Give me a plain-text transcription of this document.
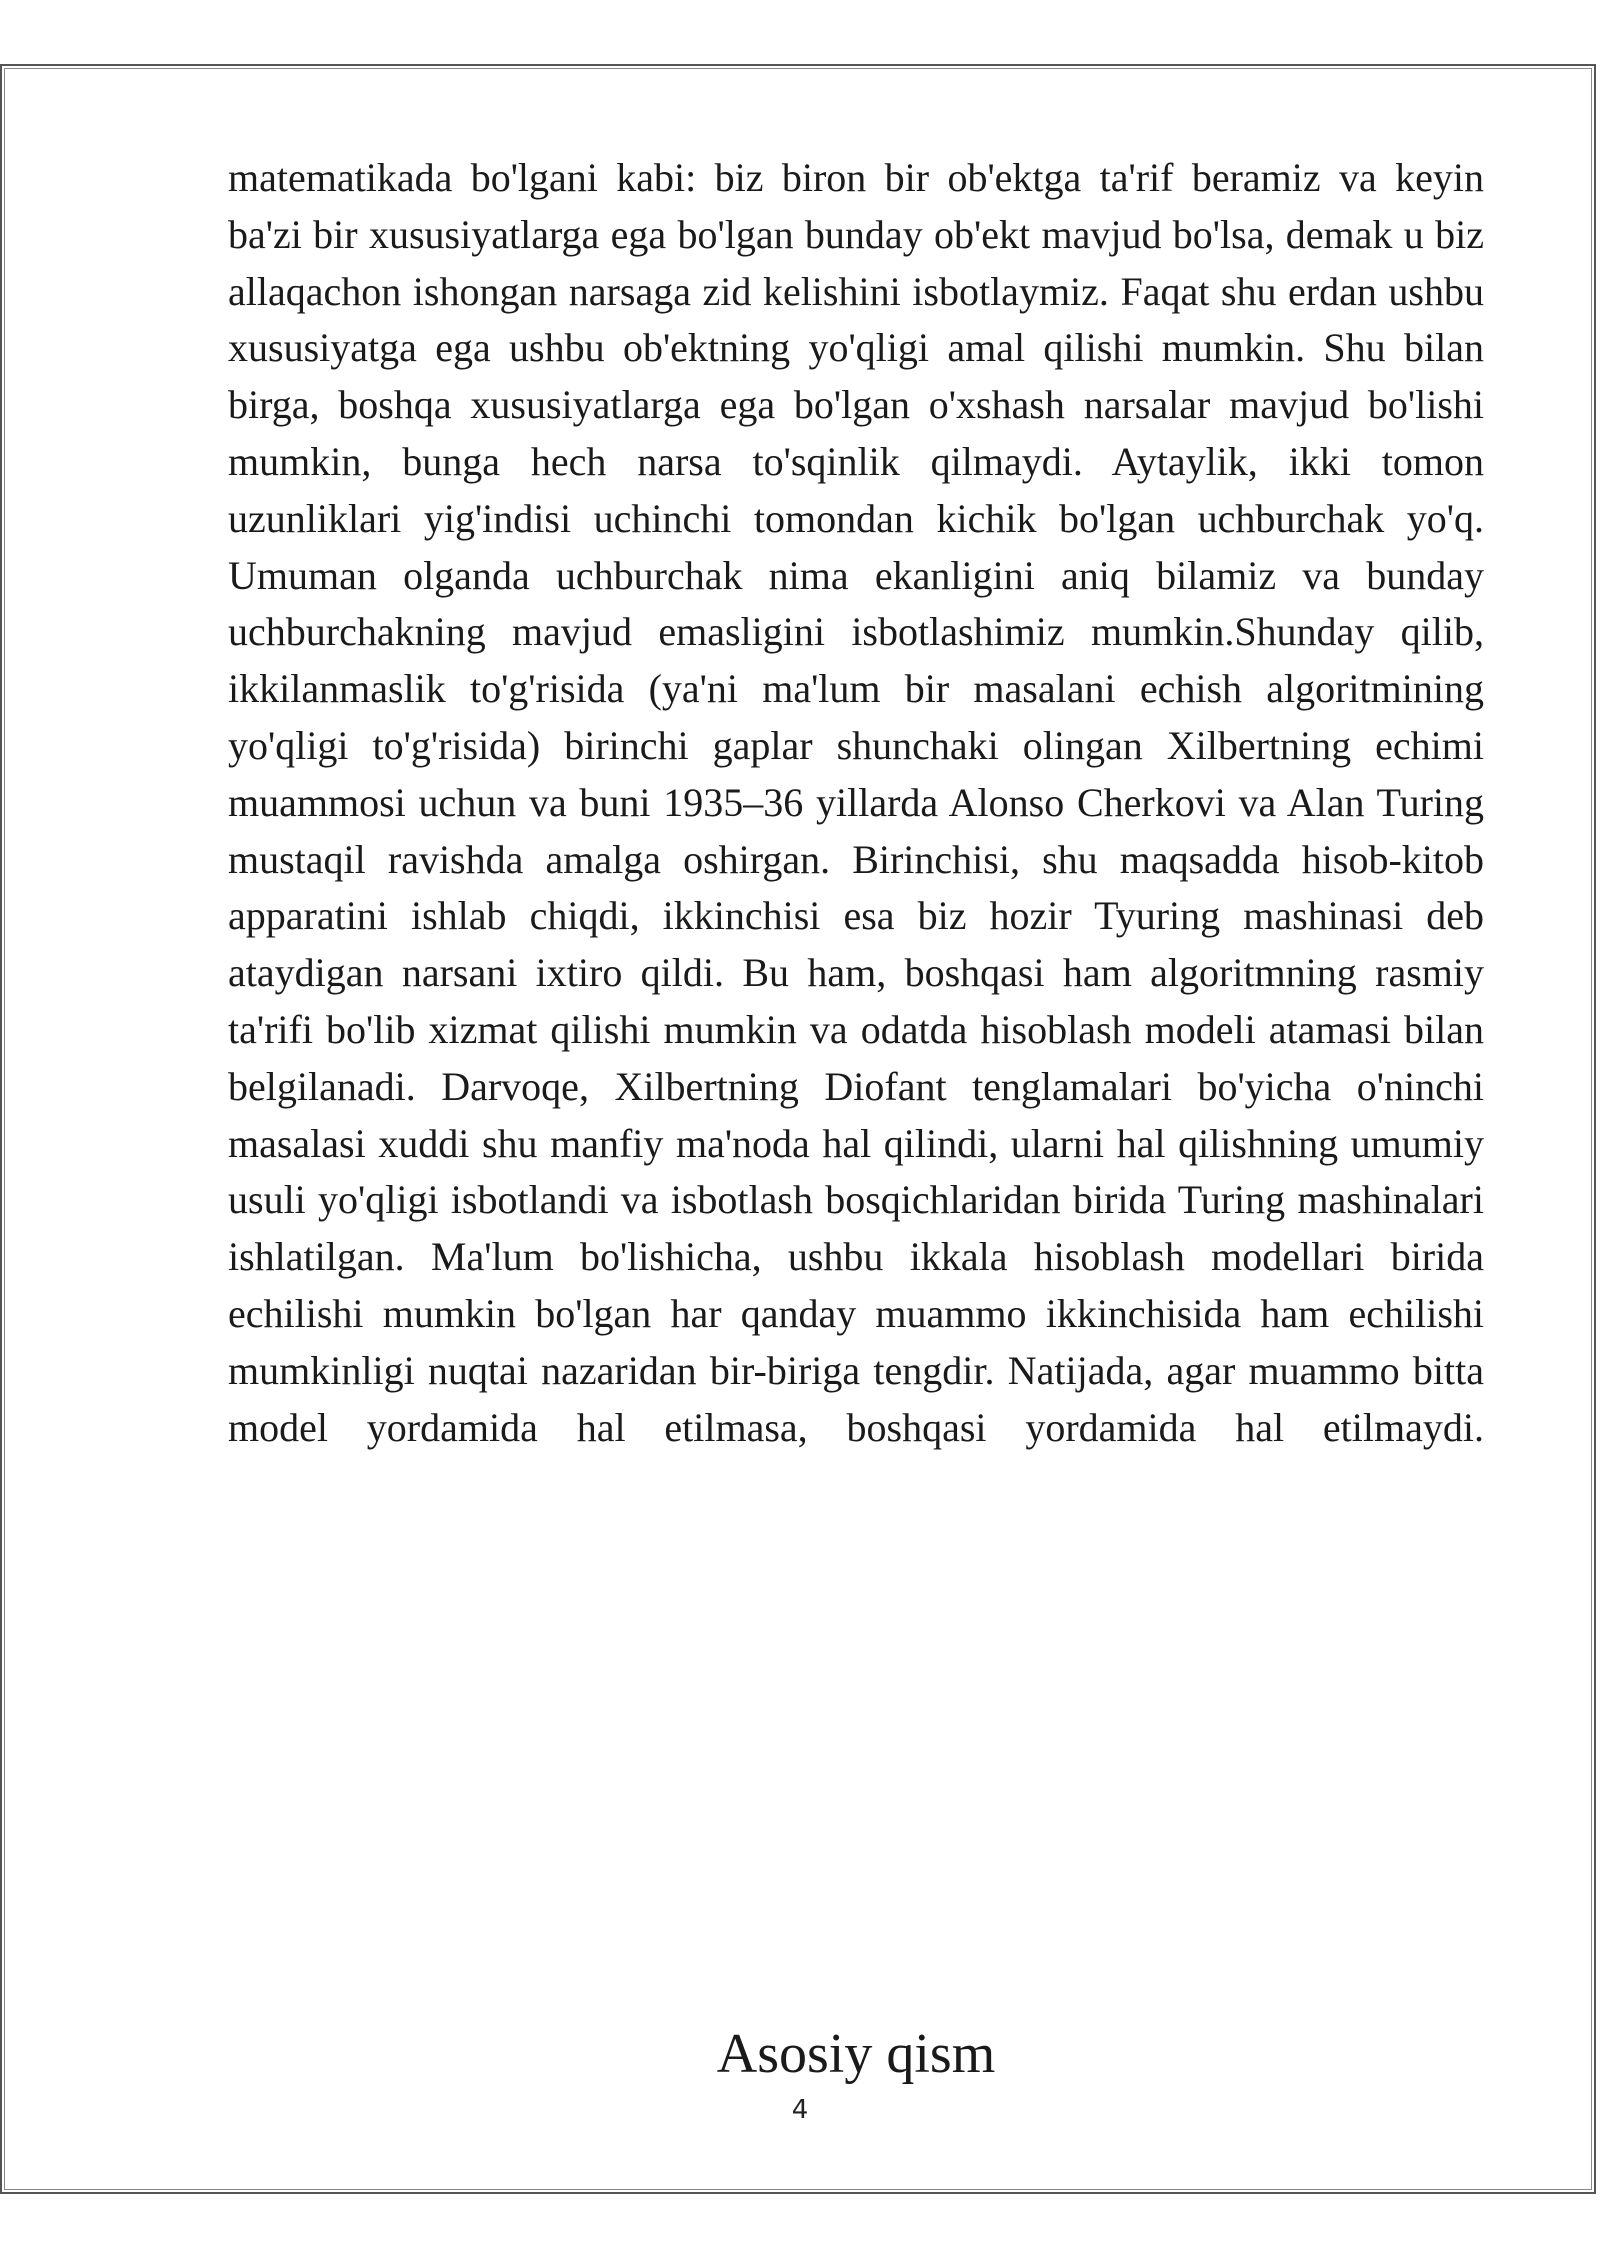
matematikada bo'lgani kabi: biz biron bir ob'ektga ta'rif beramiz va keyin ba'zi bir xususiyatlarga ega bo'lgan bunday ob'ekt mavjud bo'lsa, demak u biz allaqachon ishongan narsaga zid kelishini isbotlaymiz. Faqat shu erdan ushbu xususiyatga ega ushbu ob'ektning yo'qligi amal qilishi mumkin. Shu bilan birga, boshqa xususiyatlarga ega bo'lgan o'xshash narsalar mavjud bo'lishi mumkin, bunga hech narsa to'sqinlik qilmaydi. Aytaylik, ikki tomon uzunliklari yig'indisi uchinchi tomondan kichik bo'lgan uchburchak yo'q. Umuman olganda uchburchak nima ekanligini aniq bilamiz va bunday uchburchakning mavjud emasligini isbotlashimiz mumkin.Shunday qilib, ikkilanmaslik to'g'risida (ya'ni ma'lum bir masalani echish algoritmining yo'qligi to'g'risida) birinchi gaplar shunchaki olingan Xilbertning echimi muammosi uchun va buni 1935–36 yillarda Alonso Cherkovi va Alan Turing mustaqil ravishda amalga oshirgan. Birinchisi, shu maqsadda hisob-kitob apparatini ishlab chiqdi, ikkinchisi esa biz hozir Tyuring mashinasi deb ataydigan narsani ixtiro qildi. Bu ham, boshqasi ham algoritmning rasmiy ta'rifi bo'lib xizmat qilishi mumkin va odatda hisoblash modeli atamasi bilan belgilanadi. Darvoqe, Xilbertning Diofant tenglamalari bo'yicha o'ninchi masalasi xuddi shu manfiy ma'noda hal qilindi, ularni hal qilishning umumiy usuli yo'qligi isbotlandi va isbotlash bosqichlaridan birida Turing mashinalari ishlatilgan. Ma'lum bo'lishicha, ushbu ikkala hisoblash modellari birida echilishi mumkin bo'lgan har qanday muammo ikkinchisida ham echilishi mumkinligi nuqtai nazaridan bir-biriga tengdir. Natijada, agar muammo bitta model yordamida hal etilmasa, boshqasi yordamida hal etilmaydi.

Asosiy qism
4
